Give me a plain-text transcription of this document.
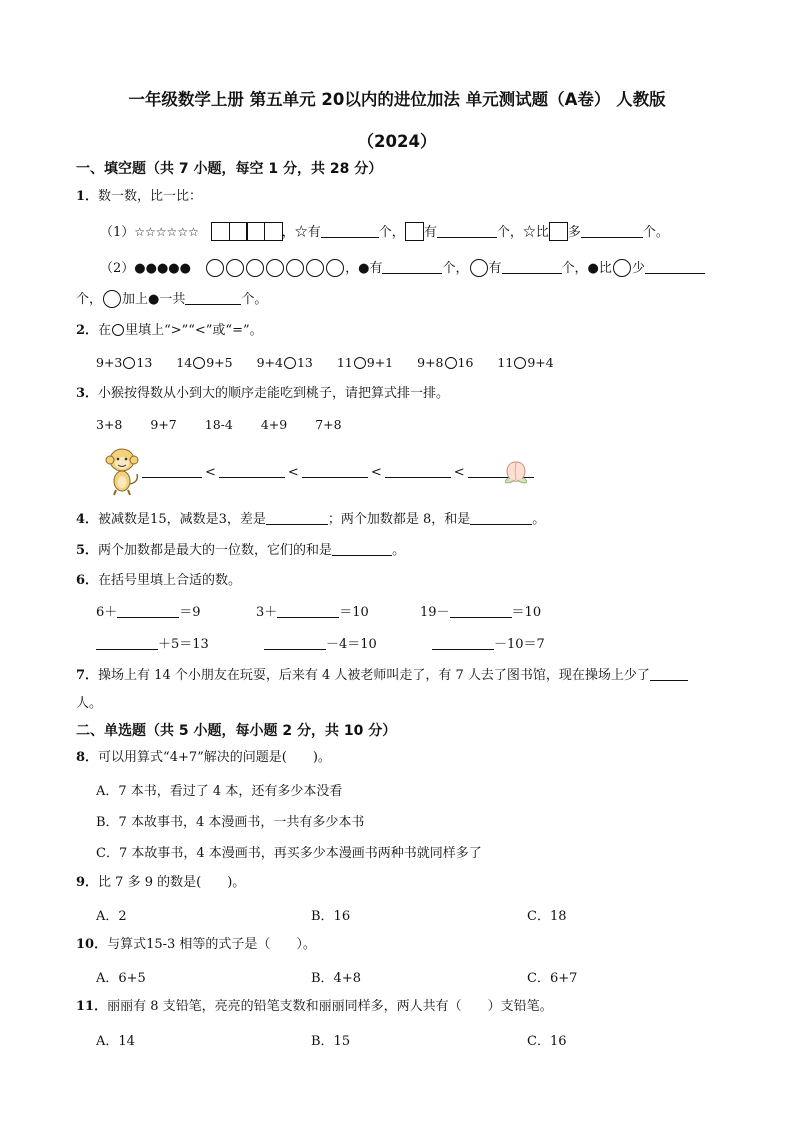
一年级数学上册 第五单元 20以内的进位加法 单元测试题（A卷） 人教版
（2024）
一、填空题（共 7 小题，每空 1 分，共 28 分）
1．数一数，比一比：
（1）☆☆☆☆☆☆	，☆有	个， 有	个，☆比 多	个。
（2）●●●●●	，●有	个， 有	个，●比 少
个， 加上●一共	个。
2．在 里填上“>”“<”或“=”。
9+3 13 14 9+5 9+4 13 11 9+1 9+8 16 11 9+4
3．小猴按得数从小到大的顺序走能吃到桃子，请把算式排一排。
3+8 9+7 18-4 4+9 7+8
<	<	<	<
4．被减数是15，减数是3，差是	；两个加数都是 8，和是	。
5．两个加数都是最大的一位数，它们的和是	。
6．在括号里填上合适的数。
6＋	＝9	3＋	＝10	19－	＝10
＋5＝13	－4＝10	－10＝7
7．操场上有 14 个小朋友在玩耍，后来有 4 人被老师叫走了，有 7 人去了图书馆，现在操场上少了
人。
二、单选题（共 5 小题，每小题 2 分，共 10 分）
8．可以用算式“4+7”解决的问题是(　　)。
A．7 本书，看过了 4 本，还有多少本没看
B．7 本故事书，4 本漫画书，一共有多少本书
C．7 本故事书，4 本漫画书，再买多少本漫画书两种书就同样多了
9．比 7 多 9 的数是(　　)。
A．2	B．16	C．18
10．与算式15-3 相等的式子是（　　）。
A．6+5	B．4+8	C．6+7
11．丽丽有 8 支铅笔，亮亮的铅笔支数和丽丽同样多，两人共有（　　）支铅笔。
A．14	B．15	C．16
